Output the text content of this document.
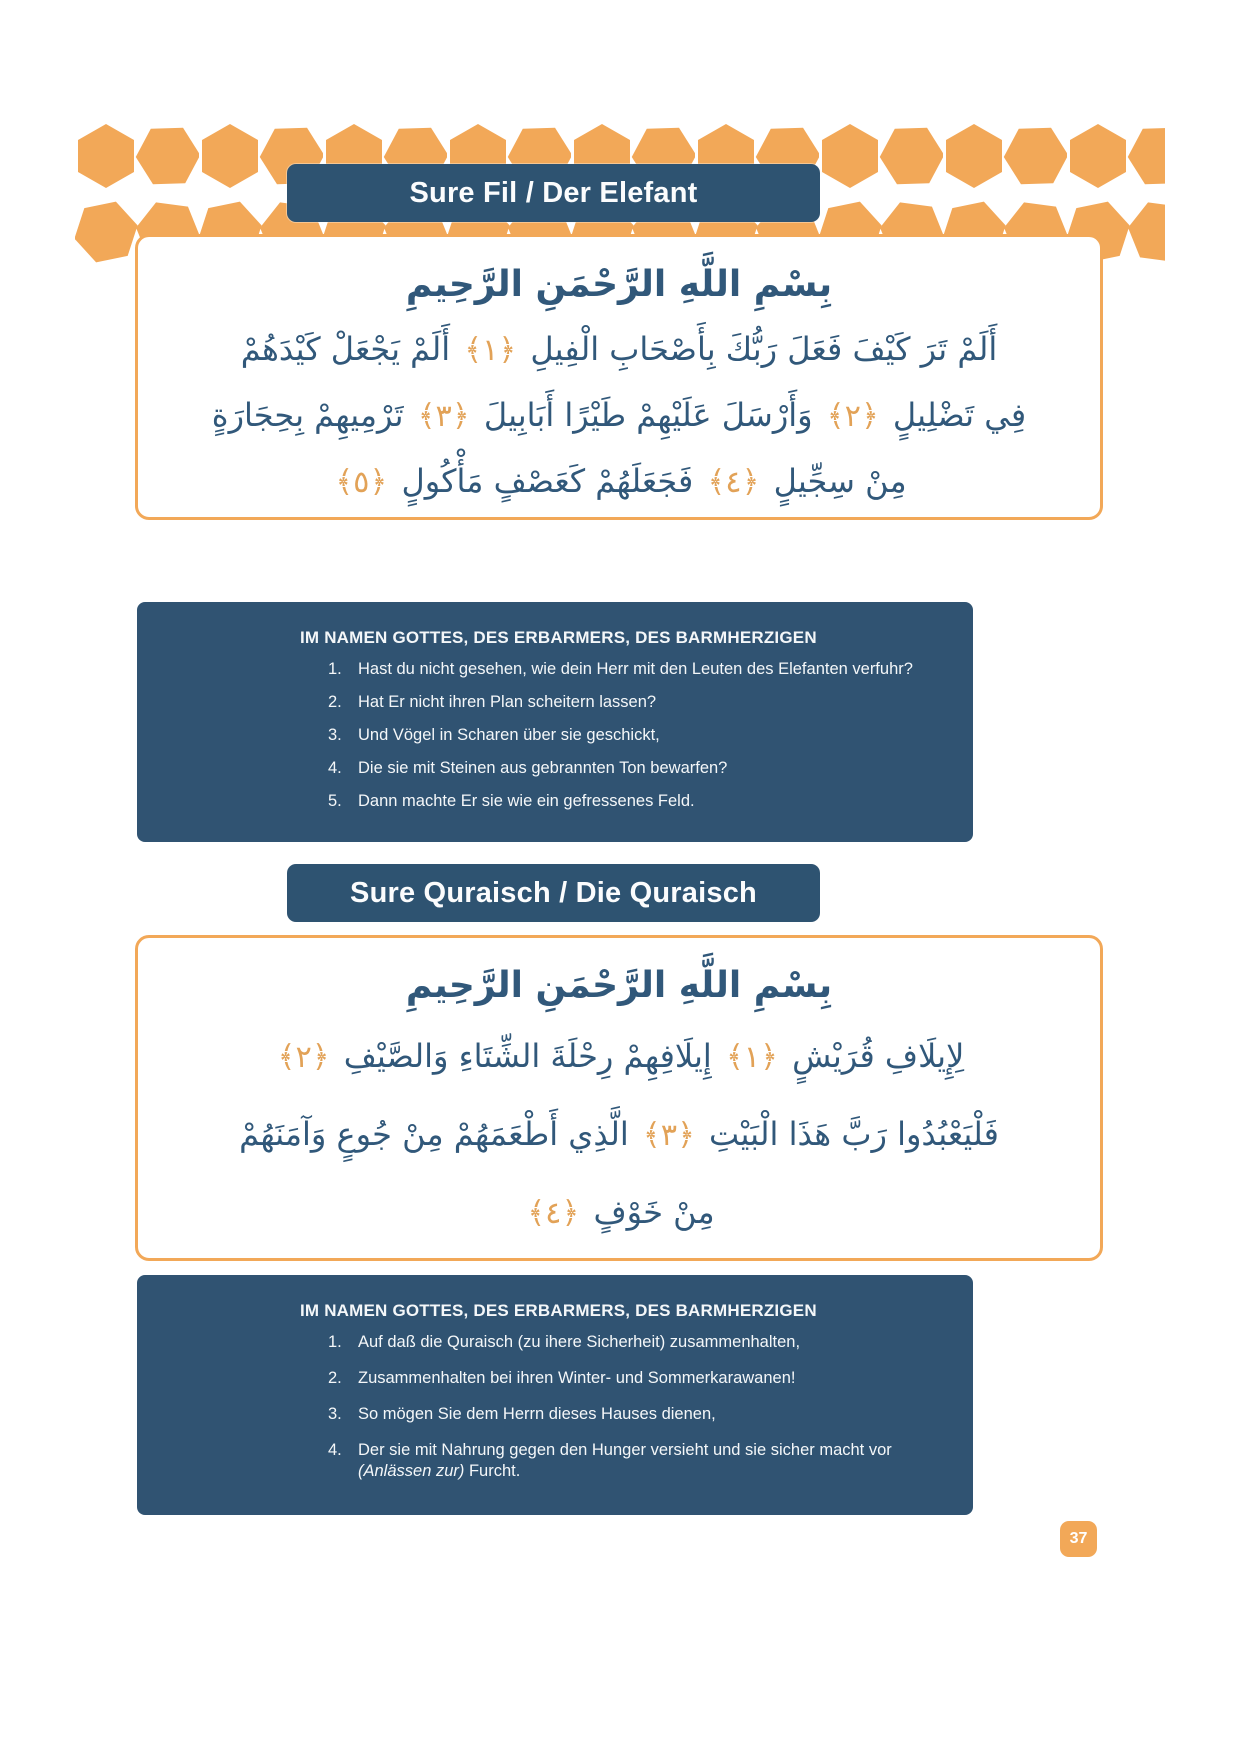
Sure Fil / Der Elefant
بِسْمِ اللَّهِ الرَّحْمَنِ الرَّحِيمِ
أَلَمْ تَرَ كَيْفَ فَعَلَ رَبُّكَ بِأَصْحَابِ الْفِيلِ ﴿١﴾ أَلَمْ يَجْعَلْ كَيْدَهُمْ
فِي تَضْلِيلٍ ﴿٢﴾ وَأَرْسَلَ عَلَيْهِمْ طَيْرًا أَبَابِيلَ ﴿٣﴾ تَرْمِيهِمْ بِحِجَارَةٍ
مِنْ سِجِّيلٍ ﴿٤﴾ فَجَعَلَهُمْ كَعَصْفٍ مَأْكُولٍ ﴿٥﴾
IM NAMEN GOTTES, DES ERBARMERS, DES BARMHERZIGEN
1. Hast du nicht gesehen, wie dein Herr mit den Leuten des Elefanten verfuhr?
2. Hat Er nicht ihren Plan scheitern lassen?
3. Und Vögel in Scharen über sie geschickt,
4. Die sie mit Steinen aus gebrannten Ton bewarfen?
5. Dann machte Er sie wie ein gefressenes Feld.
Sure Quraisch / Die Quraisch
بِسْمِ اللَّهِ الرَّحْمَنِ الرَّحِيمِ
لِإِيلَافِ قُرَيْشٍ ﴿١﴾ إِيلَافِهِمْ رِحْلَةَ الشِّتَاءِ وَالصَّيْفِ ﴿٢﴾
فَلْيَعْبُدُوا رَبَّ هَذَا الْبَيْتِ ﴿٣﴾ الَّذِي أَطْعَمَهُمْ مِنْ جُوعٍ وَآمَنَهُمْ
مِنْ خَوْفٍ ﴿٤﴾
IM NAMEN GOTTES, DES ERBARMERS, DES BARMHERZIGEN
1. Auf daß die Quraisch (zu ihere Sicherheit) zusammenhalten,
2. Zusammenhalten bei ihren Winter- und Sommerkarawanen!
3. So mögen Sie dem Herrn dieses Hauses dienen,
4. Der sie mit Nahrung gegen den Hunger versieht und sie sicher macht vor
(Anlässen zur) Furcht.
37
